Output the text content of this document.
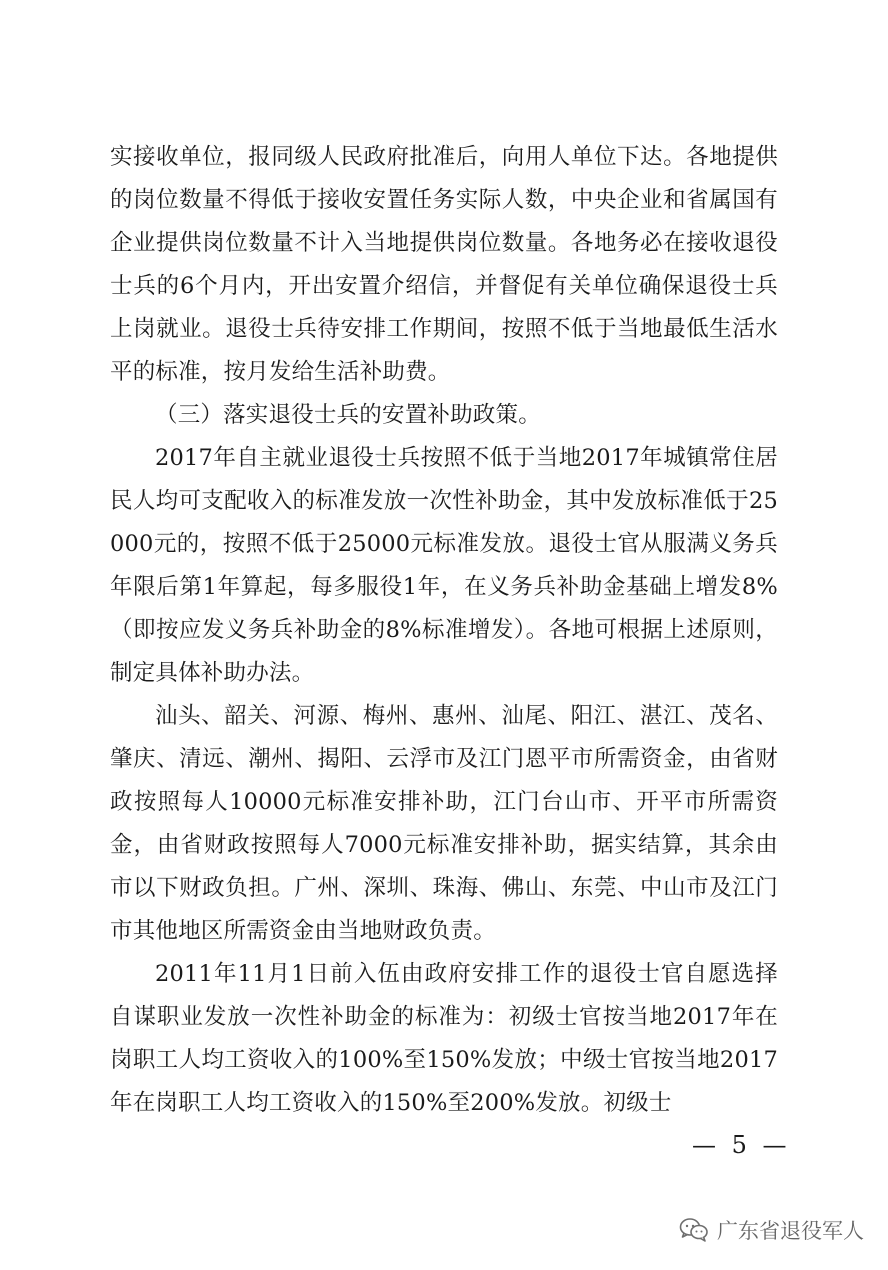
实接收单位，报同级人民政府批准后，向用人单位下达。各地提供的岗位数量不得低于接收安置任务实际人数，中央企业和省属国有企业提供岗位数量不计入当地提供岗位数量。各地务必在接收退役士兵的6个月内，开出安置介绍信，并督促有关单位确保退役士兵上岗就业。退役士兵待安排工作期间，按照不低于当地最低生活水平的标准，按月发给生活补助费。

（三）落实退役士兵的安置补助政策。

2017年自主就业退役士兵按照不低于当地2017年城镇常住居民人均可支配收入的标准发放一次性补助金，其中发放标准低于25000元的，按照不低于25000元标准发放。退役士官从服满义务兵年限后第1年算起，每多服役1年，在义务兵补助金基础上增发8%（即按应发义务兵补助金的8%标准增发）。各地可根据上述原则，制定具体补助办法。

汕头、韶关、河源、梅州、惠州、汕尾、阳江、湛江、茂名、肇庆、清远、潮州、揭阳、云浮市及江门恩平市所需资金，由省财政按照每人10000元标准安排补助，江门台山市、开平市所需资金，由省财政按照每人7000元标准安排补助，据实结算，其余由市以下财政负担。广州、深圳、珠海、佛山、东莞、中山市及江门市其他地区所需资金由当地财政负责。

2011年11月1日前入伍由政府安排工作的退役士官自愿选择自谋职业发放一次性补助金的标准为：初级士官按当地2017年在岗职工人均工资收入的100%至150%发放；中级士官按当地2017年在岗职工人均工资收入的150%至200%发放。初级士

— 5 —
广东省退役军人
